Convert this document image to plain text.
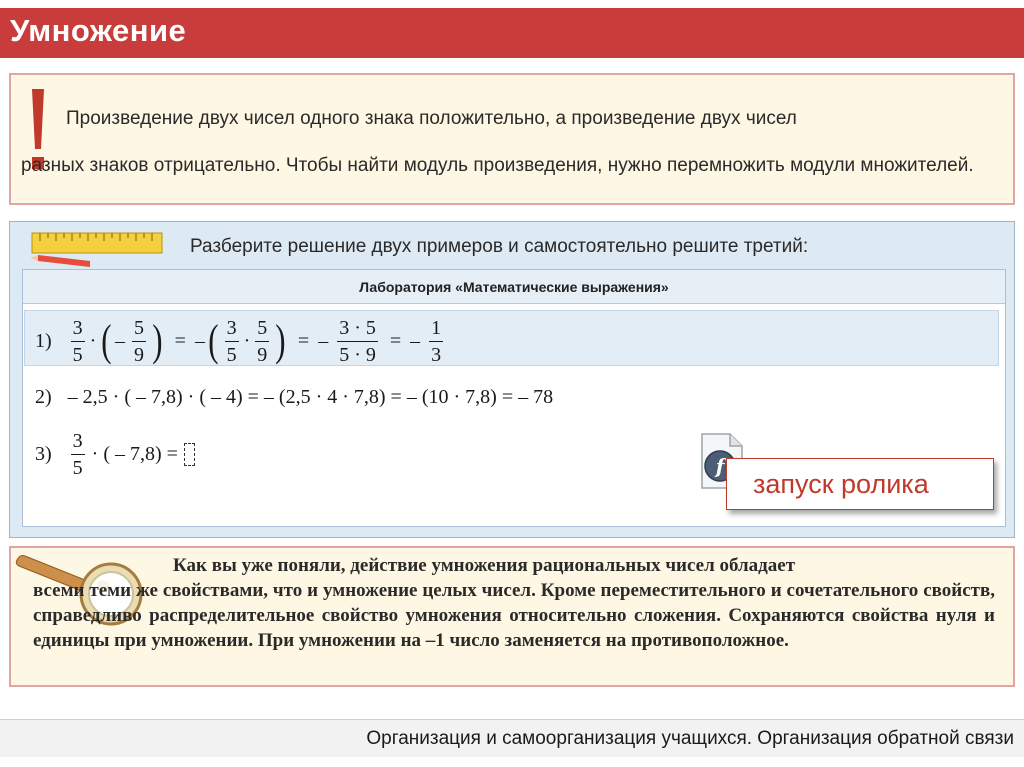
Умножение
Произведение двух чисел одного знака положительно, а произведение двух чисел
разных знаков отрицательно. Чтобы найти модуль произведения, нужно перемножить модули множителей.
Разберите решение двух примеров и самостоятельно решите третий:
Лаборатория «Математические выражения»
$1) \frac{3}{5}$ · ( – $\frac{5}{9}$ ) = – ( $\frac{3}{5} \cdot \frac{5}{9}$ ) = – $\frac{3 \cdot 5}{5 \cdot 9}$ = – $\frac{1}{3}$
2) – 2,5 · ( – 7,8) · ( – 4) = – (2,5 · 4 · 7,8) = – (10 · 7,8) = – 78
$3) \frac{3}{5}$ · ( – 7,8) =
f
запуск ролика
Как вы уже поняли, действие умножения рациональных чисел обладает
всеми теми же свойствами, что и умножение целых чисел. Кроме переместительного и сочетательного свойств, справедливо распределительное свойство умножения относительно сложения. Сохраняются свойства нуля и единицы при умножении. При умножении на –1 число заменяется на противоположное.
Организация и самоорганизация учащихся. Организация обратной связи
